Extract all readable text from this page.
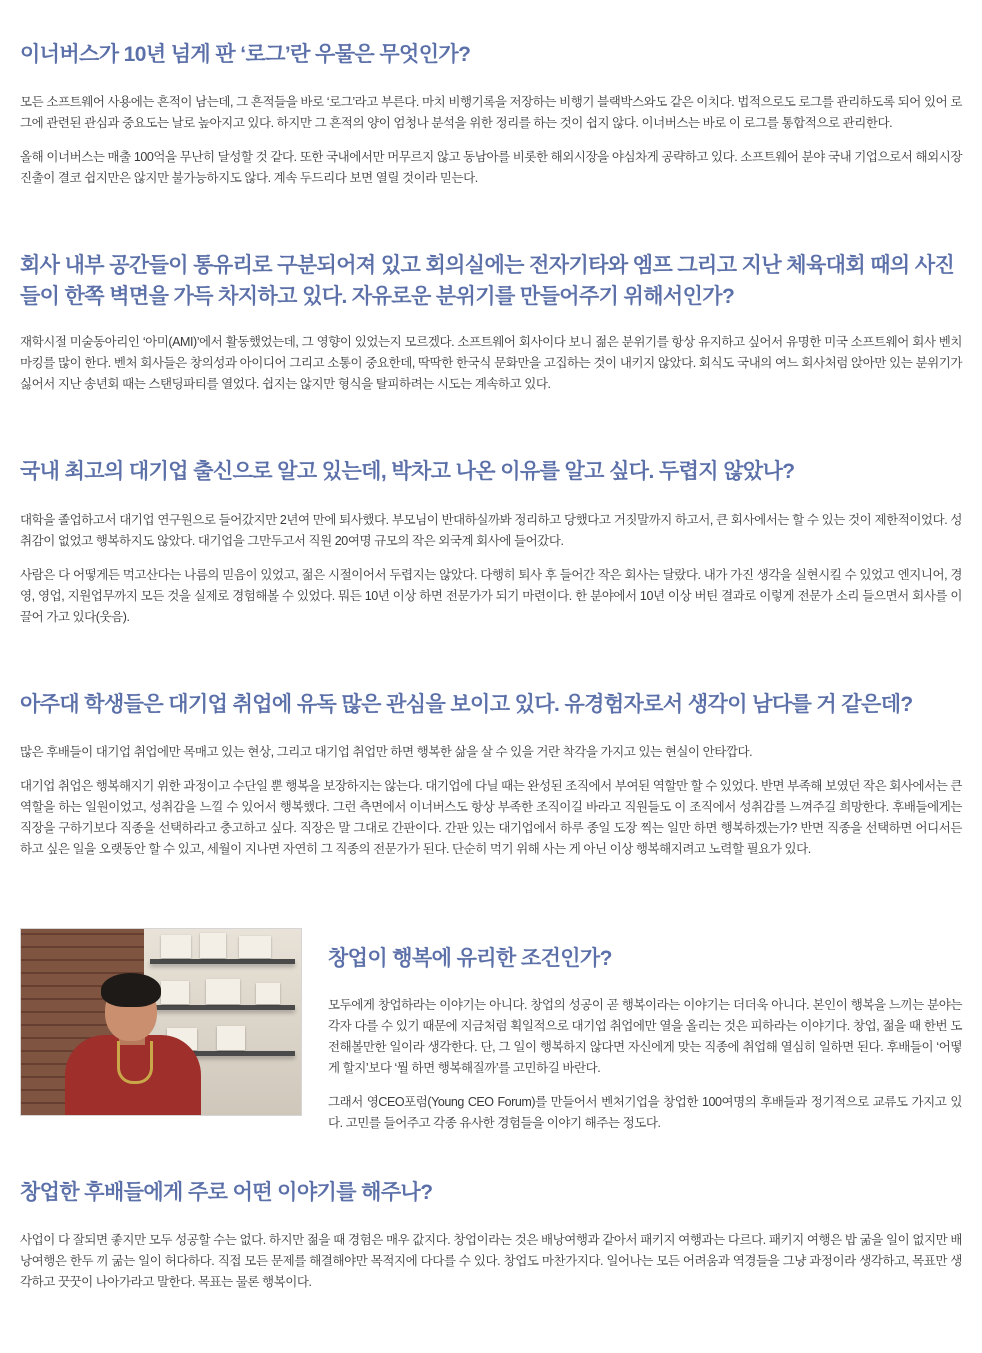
이너버스가 10년 넘게 판 ‘로그’란 우물은 무엇인가?

모든 소프트웨어 사용에는 흔적이 남는데, 그 흔적들을 바로 ‘로그’라고 부른다. 마치 비행기록을 저장하는 비행기 블랙박스와도 같은 이치다. 법적으로도 로그를 관리하도록 되어 있어 로그에 관련된 관심과 중요도는 날로 높아지고 있다. 하지만 그 흔적의 양이 엄청나 분석을 위한 정리를 하는 것이 쉽지 않다. 이너버스는 바로 이 로그를 통합적으로 관리한다.

올해 이너버스는 매출 100억을 무난히 달성할 것 같다. 또한 국내에서만 머무르지 않고 동남아를 비롯한 해외시장을 야심차게 공략하고 있다. 소프트웨어 분야 국내 기업으로서 해외시장 진출이 결코 쉽지만은 않지만 불가능하지도 않다. 계속 두드리다 보면 열릴 것이라 믿는다.

회사 내부 공간들이 통유리로 구분되어져 있고 회의실에는 전자기타와 엠프 그리고 지난 체육대회 때의 사진들이 한쪽 벽면을 가득 차지하고 있다. 자유로운 분위기를 만들어주기 위해서인가?

재학시절 미술동아리인 ‘아미(AMI)’에서 활동했었는데, 그 영향이 있었는지 모르겠다. 소프트웨어 회사이다 보니 젊은 분위기를 항상 유지하고 싶어서 유명한 미국 소프트웨어 회사 벤치마킹를 많이 한다. 벤처 회사들은 창의성과 아이디어 그리고 소통이 중요한데, 딱딱한 한국식 문화만을 고집하는 것이 내키지 않았다. 회식도 국내의 여느 회사처럼 앉아만 있는 분위기가 싫어서 지난 송년회 때는 스탠딩파티를 열었다. 쉽지는 않지만 형식을 탈피하려는 시도는 계속하고 있다.

국내 최고의 대기업 출신으로 알고 있는데, 박차고 나온 이유를 알고 싶다. 두렵지 않았나?

대학을 졸업하고서 대기업 연구원으로 들어갔지만 2년여 만에 퇴사했다. 부모님이 반대하실까봐 정리하고 당했다고 거짓말까지 하고서, 큰 회사에서는 할 수 있는 것이 제한적이었다. 성취감이 없었고 행복하지도 않았다. 대기업을 그만두고서 직원 20여명 규모의 작은 외국계 회사에 들어갔다.

사람은 다 어떻게든 먹고산다는 나름의 믿음이 있었고, 젊은 시절이어서 두렵지는 않았다. 다행히 퇴사 후 들어간 작은 회사는 달랐다. 내가 가진 생각을 실현시킬 수 있었고 엔지니어, 경영, 영업, 지원업무까지 모든 것을 실제로 경험해볼 수 있었다. 뭐든 10년 이상 하면 전문가가 되기 마련이다. 한 분야에서 10년 이상 버틴 결과로 이렇게 전문가 소리 들으면서 회사를 이끌어 가고 있다(웃음).

아주대 학생들은 대기업 취업에 유독 많은 관심을 보이고 있다. 유경험자로서 생각이 남다를 거 같은데?

많은 후배들이 대기업 취업에만 목매고 있는 현상, 그리고 대기업 취업만 하면 행복한 삶을 살 수 있을 거란 착각을 가지고 있는 현실이 안타깝다.

대기업 취업은 행복해지기 위한 과정이고 수단일 뿐 행복을 보장하지는 않는다. 대기업에 다닐 때는 완성된 조직에서 부여된 역할만 할 수 있었다. 반면 부족해 보였던 작은 회사에서는 큰 역할을 하는 일원이었고, 성취감을 느낄 수 있어서 행복했다. 그런 측면에서 이너버스도 항상 부족한 조직이길 바라고 직원들도 이 조직에서 성취감를 느껴주길 희망한다. 후배들에게는 직장을 구하기보다 직종을 선택하라고 충고하고 싶다. 직장은 말 그대로 간판이다. 간판 있는 대기업에서 하루 종일 도장 찍는 일만 하면 행복하겠는가? 반면 직종을 선택하면 어디서든 하고 싶은 일을 오랫동안 할 수 있고, 세월이 지나면 자연히 그 직종의 전문가가 된다. 단순히 먹기 위해 사는 게 아닌 이상 행복해지려고 노력할 필요가 있다.

창업이 행복에 유리한 조건인가?

모두에게 창업하라는 이야기는 아니다. 창업의 성공이 곧 행복이라는 이야기는 더더욱 아니다. 본인이 행복을 느끼는 분야는 각자 다를 수 있기 때문에 지금처럼 획일적으로 대기업 취업에만 열을 올리는 것은 피하라는 이야기다. 창업, 젊을 때 한번 도전해볼만한 일이라 생각한다. 단, 그 일이 행복하지 않다면 자신에게 맞는 직종에 취업해 열심히 일하면 된다. 후배들이 ‘어떻게 할지’보다 ‘뭘 하면 행복해질까’를 고민하길 바란다.

그래서 영CEO포럼(Young CEO Forum)를 만들어서 벤처기업을 창업한 100여명의 후배들과 정기적으로 교류도 가지고 있다. 고민를 들어주고 각종 유사한 경험들을 이야기 해주는 정도다.

창업한 후배들에게 주로 어떤 이야기를 해주나?

사업이 다 잘되면 좋지만 모두 성공할 수는 없다. 하지만 젊을 때 경험은 매우 값지다. 창업이라는 것은 배낭여행과 같아서 패키지 여행과는 다르다. 패키지 여행은 밥 굶을 일이 없지만 배낭여행은 한두 끼 굶는 일이 허다하다. 직접 모든 문제를 해결해야만 목적지에 다다를 수 있다. 창업도 마찬가지다. 일어나는 모든 어려움과 역경들을 그냥 과정이라 생각하고, 목표만 생각하고 꿋꿋이 나아가라고 말한다. 목표는 물론 행복이다.
